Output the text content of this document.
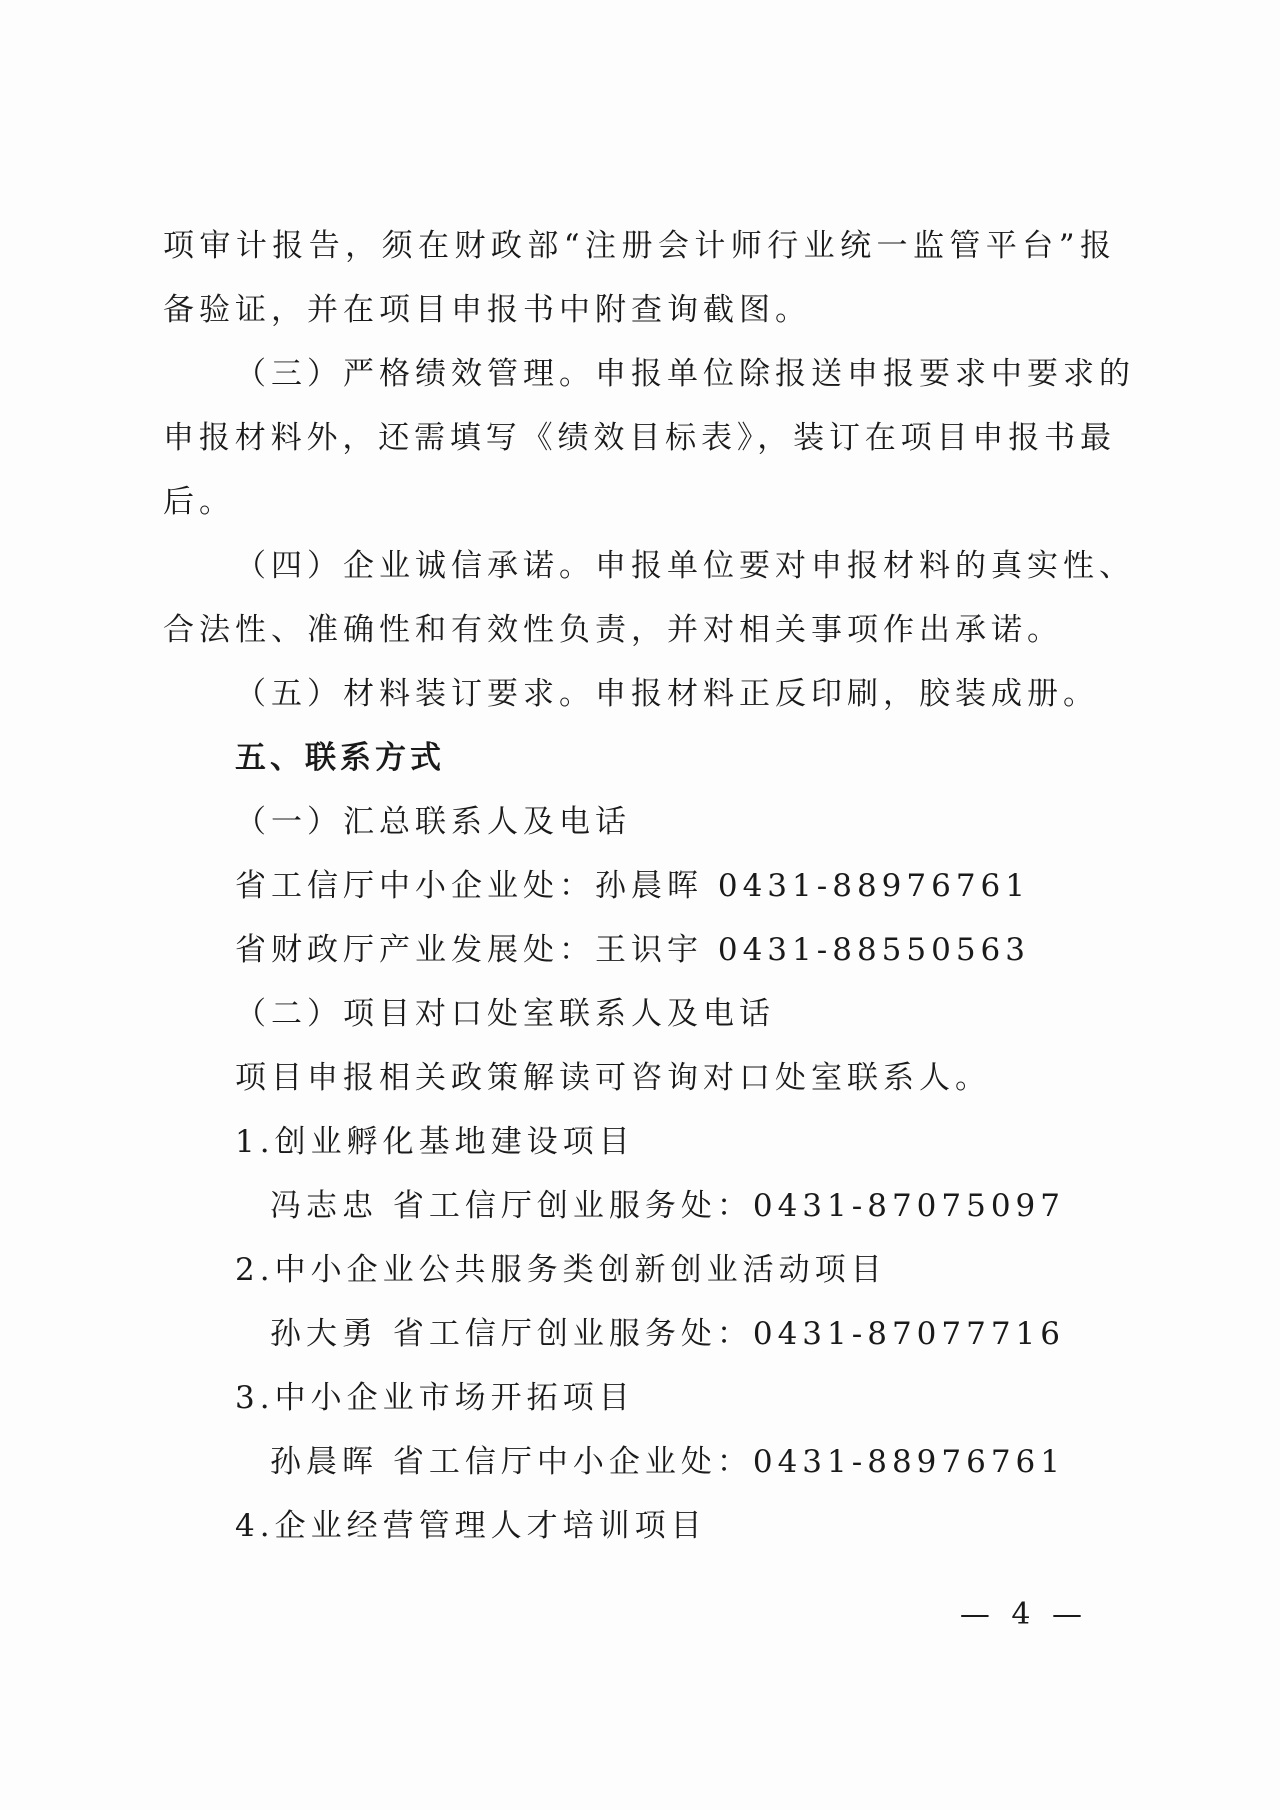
项审计报告，须在财政部“注册会计师行业统一监管平台”报
备验证，并在项目申报书中附查询截图。
（三）严格绩效管理。申报单位除报送申报要求中要求的
申报材料外，还需填写《绩效目标表》，装订在项目申报书最
后。
（四）企业诚信承诺。申报单位要对申报材料的真实性、
合法性、准确性和有效性负责，并对相关事项作出承诺。
（五）材料装订要求。申报材料正反印刷，胶装成册。
五、联系方式
（一）汇总联系人及电话
省工信厅中小企业处：孙晨晖 0431-88976761
省财政厅产业发展处：王识宇 0431-88550563
（二）项目对口处室联系人及电话
项目申报相关政策解读可咨询对口处室联系人。
1.创业孵化基地建设项目
冯志忠 省工信厅创业服务处：0431-87075097
2.中小企业公共服务类创新创业活动项目
孙大勇 省工信厅创业服务处：0431-87077716
3.中小企业市场开拓项目
孙晨晖 省工信厅中小企业处：0431-88976761
4.企业经营管理人才培训项目
— 4 —
